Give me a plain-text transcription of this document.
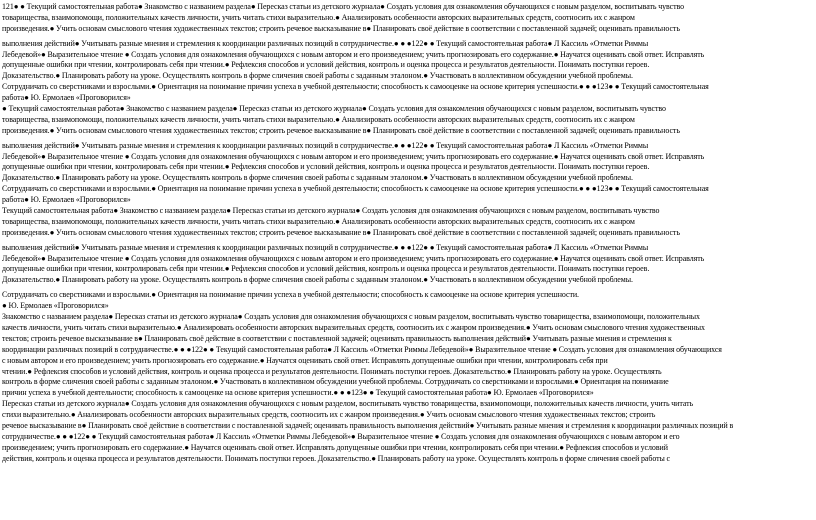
121● ● Текущий самостоятельная работа● Знакомство с названием раздела● Пересказ статьи из детского журнала● Создать условия для ознакомления обучающихся с новым разделом, воспитывать чувство
товарищества, взаимопомощи, положительных качеств личности, учить читать стихи выразительно.● Анализировать особенности авторских выразительных средств, соотносить их с жанром
произведения.● Учить основам смыслового чтения художественных текстов; строить речевое высказывание в● Планировать своё действие в соответствии с поставленной задачей; оценивать правильность
выполнения действий● Учитывать разные мнения и стремления к координации различных позиций в сотрудничестве.● ● ●122● ● Текущий самостоятельная работа● Л Кассиль «Отметки Риммы
Лебедевой»● Выразительное чтение ● Создать условия для ознакомления обучающихся с новым автором и его произведением; учить прогнозировать его содержание.● Научатся оценивать свой ответ. Исправлять
допущенные ошибки при чтении, контролировать себя при чтении.● Рефлексия способов и условий действия, контроль и оценка процесса и результатов деятельности. Понимать поступки героев.
Доказательство.● Планировать работу на уроке. Осуществлять контроль в форме сличения своей работы с заданным эталоном.● Участвовать в коллективном обсуждении учебной проблемы.
Сотрудничать со сверстниками и взрослыми.● Ориентация на понимание причин успеха в учебной деятельности; способность к самооценке на основе критерия успешности.● ● ●123● ● Текущий самостоятельная
работа● Ю. Ермолаев «Проговорился»
● Текущий самостоятельная работа● Знакомство с названием раздела● Пересказ статьи из детского журнала● Создать условия для ознакомления обучающихся с новым разделом, воспитывать чувство
товарищества, взаимопомощи, положительных качеств личности, учить читать стихи выразительно.● Анализировать особенности авторских выразительных средств, соотносить их с жанром
произведения.● Учить основам смыслового чтения художественных текстов; строить речевое высказывание в● Планировать своё действие в соответствии с поставленной задачей; оценивать правильность
выполнения действий● Учитывать разные мнения и стремления к координации различных позиций в сотрудничестве.● ● ●122● ● Текущий самостоятельная работа● Л Кассиль «Отметки Риммы
Лебедевой»● Выразительное чтение ● Создать условия для ознакомления обучающихся с новым автором и его произведением; учить прогнозировать его содержание.● Научатся оценивать свой ответ. Исправлять
допущенные ошибки при чтении, контролировать себя при чтении.● Рефлексия способов и условий действия, контроль и оценка процесса и результатов деятельности. Понимать поступки героев.
Доказательство.● Планировать работу на уроке. Осуществлять контроль в форме сличения своей работы с заданным эталоном.● Участвовать в коллективном обсуждении учебной проблемы.
Сотрудничать со сверстниками и взрослыми.● Ориентация на понимание причин успеха в учебной деятельности; способность к самооценке на основе критерия успешности.● ● ●123● ● Текущий самостоятельная
работа● Ю. Ермолаев «Проговорился»
Текущий самостоятельная работа● Знакомство с названием раздела● Пересказ статьи из детского журнала● Создать условия для ознакомления обучающихся с новым разделом, воспитывать чувство
товарищества, взаимопомощи, положительных качеств личности, учить читать стихи выразительно.● Анализировать особенности авторских выразительных средств, соотносить их с жанром
произведения.● Учить основам смыслового чтения художественных текстов; строить речевое высказывание в● Планировать своё действие в соответствии с поставленной задачей; оценивать правильность
выполнения действий● Учитывать разные мнения и стремления к координации различных позиций в сотрудничестве.● ● ●122● ● Текущий самостоятельная работа● Л Кассиль «Отметки Риммы
Лебедевой»● Выразительное чтение ● Создать условия для ознакомления обучающихся с новым автором и его произведением; учить прогнозировать его содержание.● Научатся оценивать свой ответ. Исправлять
допущенные ошибки при чтении, контролировать себя при чтении.● Рефлексия способов и условий действия, контроль и оценка процесса и результатов деятельности. Понимать поступки героев.
Доказательство.● Планировать работу на уроке. Осуществлять контроль в форме сличения своей работы с заданным эталоном.● Участвовать в коллективном обсуждении учебной проблемы.
Сотрудничать со сверстниками и взрослыми.● Ориентация на понимание причин успеха в учебной деятельности; способность к самооценке на основе критерия успешности.
● Ю. Ермолаев «Проговорился»
Знакомство с названием раздела● Пересказ статьи из детского журнала● Создать условия для ознакомления обучающихся с новым разделом, воспитывать чувство товарищества, взаимопомощи, положительных
качеств личности, учить читать стихи выразительно.● Анализировать особенности авторских выразительных средств, соотносить их с жанром произведения.● Учить основам смыслового чтения художественных
текстов; строить речевое высказывание в● Планировать своё действие в соответствии с поставленной задачей; оценивать правильность выполнения действий● Учитывать разные мнения и стремления к
координации различных позиций в сотрудничестве.● ● ●122● ● Текущий самостоятельная работа● Л Кассиль «Отметки Риммы Лебедевой»● Выразительное чтение ● Создать условия для ознакомления обучающихся
с новым автором и его произведением; учить прогнозировать его содержание.● Научатся оценивать свой ответ. Исправлять допущенные ошибки при чтении, контролировать себя при
чтении.● Рефлексия способов и условий действия, контроль и оценка процесса и результатов деятельности. Понимать поступки героев. Доказательство.● Планировать работу на уроке. Осуществлять
контроль в форме сличения своей работы с заданным эталоном.● Участвовать в коллективном обсуждении учебной проблемы. Сотрудничать со сверстниками и взрослыми.● Ориентация на понимание
причин успеха в учебной деятельности; способность к самооценке на основе критерия успешности.● ● ●123● ● Текущий самостоятельная работа● Ю. Ермолаев «Проговорился»
Пересказ статьи из детского журнала● Создать условия для ознакомления обучающихся с новым разделом, воспитывать чувство товарищества, взаимопомощи, положительных качеств личности, учить читать
стихи выразительно.● Анализировать особенности авторских выразительных средств, соотносить их с жанром произведения.● Учить основам смыслового чтения художественных текстов; строить
речевое высказывание в● Планировать своё действие в соответствии с поставленной задачей; оценивать правильность выполнения действий● Учитывать разные мнения и стремления к координации различных позиций в
сотрудничестве.● ● ●122● ● Текущий самостоятельная работа● Л Кассиль «Отметки Риммы Лебедевой»● Выразительное чтение ● Создать условия для ознакомления обучающихся с новым автором и его
произведением; учить прогнозировать его содержание.● Научатся оценивать свой ответ. Исправлять допущенные ошибки при чтении, контролировать себя при чтении.● Рефлексия способов и условий
действия, контроль и оценка процесса и результатов деятельности. Понимать поступки героев. Доказательство.● Планировать работу на уроке. Осуществлять контроль в форме сличения своей работы с
